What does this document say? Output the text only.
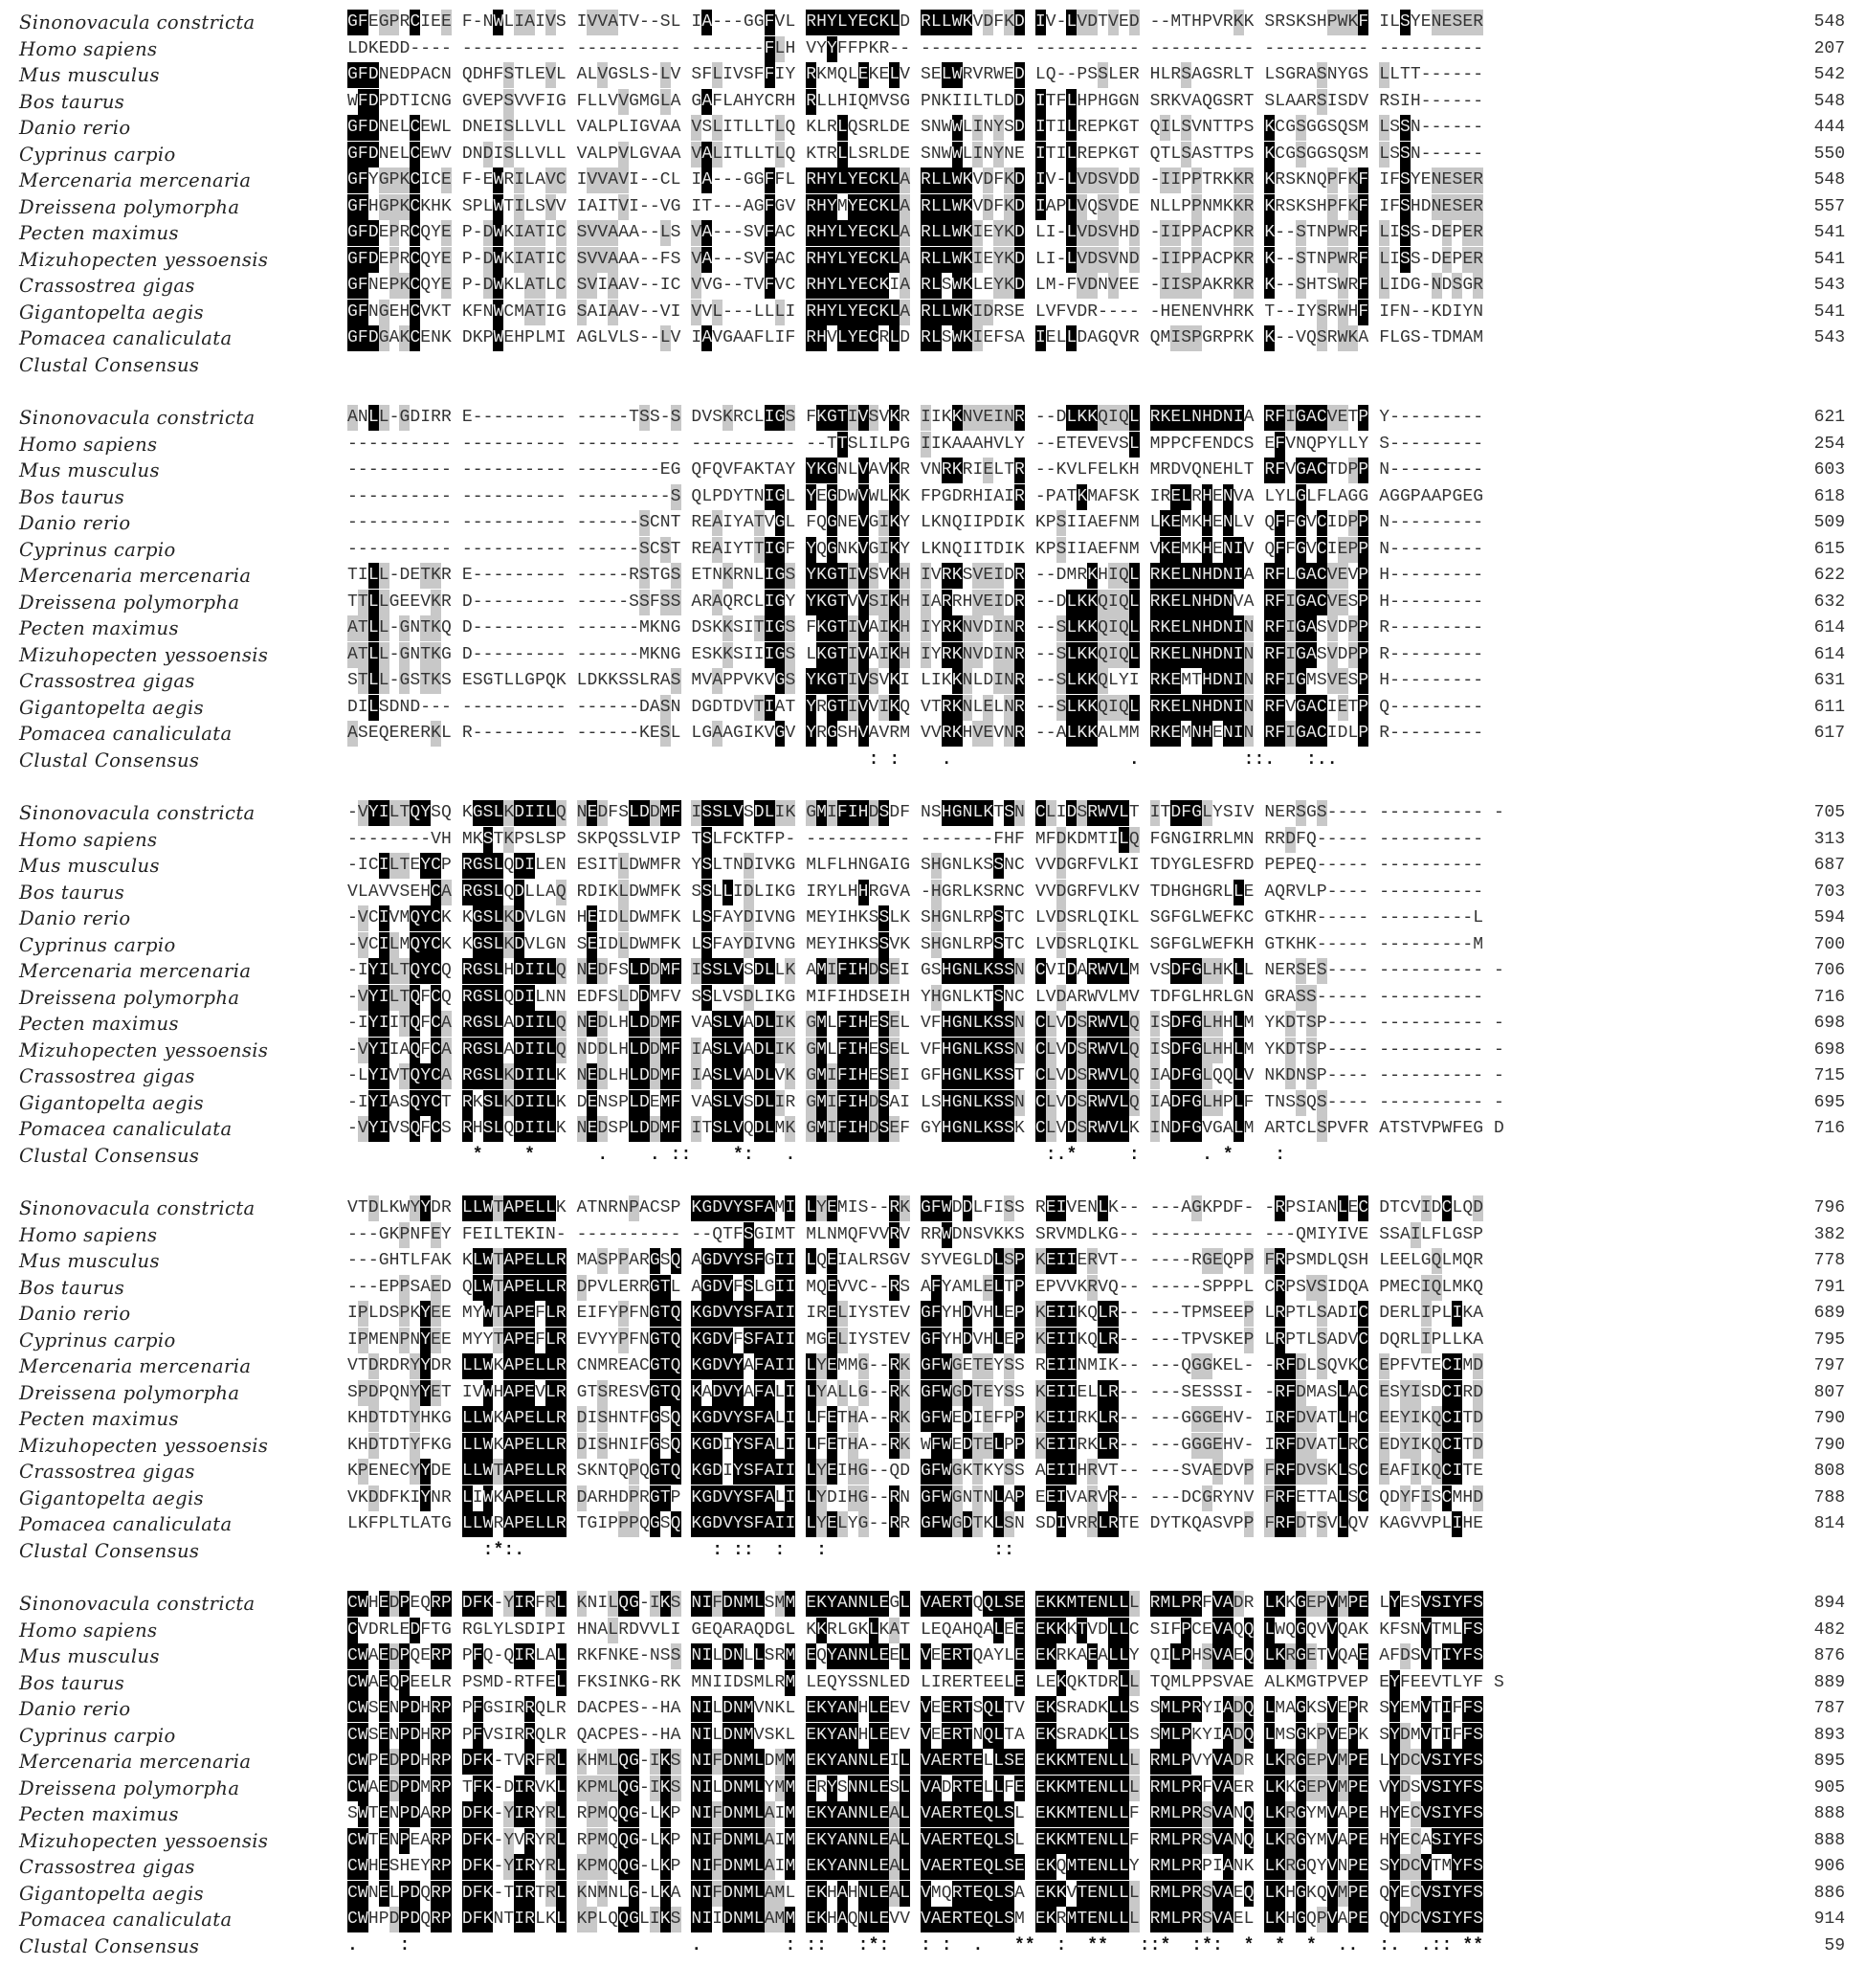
Sinonovacula constricta	GFEGPRCIEE F-NWLIAIVS IVVATV--SL IA---GGFVL RHYLYECKLD RLLWKVDFKD IV-LVDTVED --MTHPVRKK SRSKSHPWKF ILSYENESER	548
Homo sapiens	LDKEDD---- ---------- ---------- -------FLH VYYFFPKR-- ---------- ---------- ---------- ---------- ----------	207
Mus musculus	GFDNEDPACN QDHFSTLEVL ALVGSLS-LV SFLIVSFFIY RKMQLEKELV SELWRVRWED LQ--PSSLER HLRSAGSRLT LSGRASNYGS LLTT------	542
Bos taurus	WFDPDTICNG GVEPSVVFIG FLLVVGMGLA GAFLAHYCRH RLLHIQMVSG PNKIILTLDD ITFLHPHGGN SRKVAQGSRT SLAARSISDV RSIH------	548
Danio rerio	GFDNELCEWL DNEISLLVLL VALPLIGVAA VSLITLLTLQ KLRLQSRLDE SNWWLINYSD ITILREPKGT QILSVNTTPS KCGSGGSQSM LSSN------	444
Cyprinus carpio	GFDNELCEWV DNDISLLVLL VALPVLGVAA VALITLLTLQ KTRLLSRLDE SNWWLINYNE ITILREPKGT QTLSASTTPS KCGSGGSQSM LSSN------	550
Mercenaria mercenaria	GFYGPKCICE F-EWRILAVC IVVAVI--CL IA---GGFFL RHYLYECKLA RLLWKVDFKD IV-LVDSVDD -IIPPTRKKR KRSKNQPFKF IFSYENESER	548
Dreissena polymorpha	GFHGPKCKHK SPLWTILSVV IAITVI--VG IT---AGFGV RHYMYECKLA RLLWKVDFKD IAPLVQSVDE NLLPPNMKKR KRSKSHPFKF IFSHDNESER	557
Pecten maximus	GFDEPRCQYE P-DWKIATIC SVVAAA--LS VA---SVFAC RHYLYECKLA RLLWKIEYKD LI-LVDSVHD -IIPPACPKR K--STNPWRF LISS-DEPER	541
Mizuhopecten yessoensis	GFDEPRCQYE P-DWKIATIC SVVAAA--FS VA---SVFAC RHYLYECKLA RLLWKIEYKD LI-LVDSVND -IIPPACPKR K--STNPWRF LISS-DEPER	541
Crassostrea gigas	GFNEPKCQYE P-DWKLATLC SVIAAV--IC VVG--TVFVC RHYLYECKIA RLSWKLEYKD LM-FVDNVEE -IISPAKRKR K--SHTSWRF LIDG-NDSGR	543
Gigantopelta aegis	GFNGEHCVKT KFNWCMATIG SAIAAV--VI VVL---LLLI RHYLYECKLA RLLWKIDRSE LVFVDR---- -HENENVHRK T--IYSRWHF IFN--KDIYN	541
Pomacea canaliculata	GFDGAKCENK DKPWEHPLMI AGLVLS--LV IAVGAAFLIF RHVLYECRLD RLSWKIEFSA IELLDAGQVR QMISPGRPRK K--VQSRWKA FLGS-TDMAM	543
Clustal Consensus

Sinonovacula constricta	ANLL-GDIRR E--------- -----TSS-S DVSKRCLIGS FKGTIVSVKR IIKKNVEINR --DLKKQIQL RKELNHDNIA RFIGACVETP Y---------	621
Homo sapiens	---------- ---------- ---------- ---------- --TTSLILPG IIKAAAHVLY --ETEVEVSL MPPCFENDCS EFVNQPYLLY S---------	254
Mus musculus	---------- ---------- --------EG QFQVFAKTAY YKGNLVAVKR VNRKRIELTR --KVLFELKH MRDVQNEHLT RFVGACTDPP N---------	603
Bos taurus	---------- ---------- ---------S QLPDYTNIGL YEGDWVWLKK FPGDRHIAIR -PATKMAFSK IRELRHENVA LYLGLFLAGG AGGPAAPGEG	618
Danio rerio	---------- ---------- ------SCNT REAIYATVGL FQGNEVGIKY LKNQIIPDIK KPSIIAEFNM LKEMKHENLV QFFGVCIDPP N---------	509
Cyprinus carpio	---------- ---------- ------SCST REAIYTTIGF YQGNKVGIKY LKNQIITDIK KPSIIAEFNM VKEMKHENIV QFFGVCIEPP N---------	615
Mercenaria mercenaria	TILL-DETKR E--------- -----RSTGS ETNKRNLIGS YKGTIVSVKH IVRKSVEIDR --DMRKHIQL RKELNHDNIA RFLGACVEVP H---------	622
Dreissena polymorpha	TTLLGEEVKR D--------- -----SSFSS ARAQRCLIGY YKGTVVSIKH IARRHVEIDR --DLKKQIQL RKELNHDNVA RFIGACVESP H---------	632
Pecten maximus	ATLL-GNTKQ D--------- ------MKNG DSKKSITIGS FKGTIVAIKH IYRKNVDINR --SLKKQIQL RKELNHDNIN RFIGASVDPP R---------	614
Mizuhopecten yessoensis	ATLL-GNTKG D--------- ------MKNG ESKKSIIIGS LKGTIVAIKH IYRKNVDINR --SLKKQIQL RKELNHDNIN RFIGASVDPP R---------	614
Crassostrea gigas	STLL-GSTKS ESGTLLGPQK LDKKSSLRAS MVAPPVKVGS YKGTIVSVKI LIKKNLDINR --SLKKQLYI RKEMTHDNIN RFIGMSVESP H---------	631
Gigantopelta aegis	DILSDND--- ---------- ------DASN DGDTDVTIAT YRGTIVVIKQ VTRKNLELNR --SLKKQIQL RKELNHDNIN RFVGACIETP Q---------	611
Pomacea canaliculata	ASEQERERKL R--------- ------KESL LGAAGIKVGV YRGSHVAVRM VVRKHVEVNR --ALKKALMM RKEMNHENIN RFIGACIDLP R---------	617
Clustal Consensus	: : .	.	::. :..
Sinonovacula constricta	-VYILTQYSQ KGSLKDIILQ NEDFSLDDMF ISSLVSDLIK GMIFIHDSDF NSHGNLKTSN CLIDSRWVLT ITDFGLYSIV NERSGS---- ---------- -	705
Homo sapiens	--------VH MKSTKPSLSP SKPQSSLVIP TSLFCKTFP- ---------- -------FHF MFDKDMTILQ FGNGIRRLMN RRDFQ----- ----------	313
Mus musculus	-ICILTEYCP RGSLQDILEN ESITLDWMFR YSLTNDIVKG MLFLHNGAIG SHGNLKSSNC VVDGRFVLKI TDYGLESFRD PEPEQ----- ----------	687
Bos taurus	VLAVVSEHCA RGSLQDLLAQ RDIKLDWMFK SSLLIDLIKG IRYLHHRGVA -HGRLKSRNC VVDGRFVLKV TDHGHGRLLE AQRVLP---- ----------	703
Danio rerio	-VCIVMQYCK KGSLKDVLGN HEIDLDWMFK LSFAYDIVNG MEYIHKSSLK SHGNLRPSTC LVDSRLQIKL SGFGLWEFKC GTKHR----- ---------L	594
Cyprinus carpio	-VCILMQYCK KGSLKDVLGN SEIDLDWMFK LSFAYDIVNG MEYIHKSSVK SHGNLRPSTC LVDSRLQIKL SGFGLWEFKH GTKHK----- ---------M	700
Mercenaria mercenaria	-IYILTQYCQ RGSLHDIILQ NEDFSLDDMF ISSLVSDLLK AMIFIHDSEI GSHGNLKSSN CVIDARWVLM VSDFGLHKLL NERSES---- ---------- -	706
Dreissena polymorpha	-VYILTQFCQ RGSLQDILNN EDFSLDDMFV SSLVSDLIKG MIFIHDSEIH YHGNLKTSNC LVDARWVLMV TDFGLHRLGN GRASS----- ----------	716
Pecten maximus	-IYIITQFCA RGSLADIILQ NEDLHLDDMF VASLVADLIK GMLFIHESEL VFHGNLKSSN CLVDSRWVLQ ISDFGLHHLM YKDTSP---- ---------- -	698
Mizuhopecten yessoensis	-VYIIAQFCA RGSLADIILQ NDDLHLDDMF IASLVADLIK GMLFIHESEL VFHGNLKSSN CLVDSRWVLQ ISDFGLHHLM YKDTSP---- ---------- -	698
Crassostrea gigas	-LYIVTQYCA RGSLKDIILK NEDLHLDDMF IASLVADLVK GMIFIHESEI GFHGNLKSST CLVDSRWVLQ IADFGLQQLV NKDNSP---- ---------- -	715
Gigantopelta aegis	-IYIASQYCT RKSLKDIILK DENSPLDEMF VASLVSDLIR GMIFIHDSAI LSHGNLKSSN CLVDSRWVLQ IADFGLHPLF TNSSQS---- ---------- -	695
Pomacea canaliculata	-VYIVSQFCS RHSLQDIILK NEDSPLDDMF ITSLVQDLMK GMIFIHDSEF GYHGNLKSSK CLVDSRWVLK INDFGVGALM ARTCLSPVFR ATSTVPWFEG D	716
Clustal Consensus	* *	. . :: *: .	:.*	:	. * :
Sinonovacula constricta	VTDLKWYYDR LLWTAPELLK ATNRNPACSP KGDVYSFAMI LYEMIS--RK GFWDDLFISS REIVENLK-- ---AGKPDF- -RPSIANLEC DTCVIDCLQD	796
Homo sapiens	---GKPNFEY FEILTEKIN- ---------- --QTFSGIMT MLNMQFVVRV RRWDNSVKKS SRVMDLKG-- ---------- ---QMIYIVE SSAILFLGSP	382
Mus musculus	---GHTLFAK KLWTAPELLR MASPPARGSQ AGDVYSFGII LQEIALRSGV SYVEGLDLSP KEIIERVT-- ----RGEQPP FRPSMDLQSH LEELGQLMQR	778
Bos taurus	---EPPSAED QLWTAPELLR DPVLERRGTL AGDVFSLGII MQEVVC--RS AFYAMLELTP EPVVKRVQ-- -----SPPPL CRPSVSIDQA PMECIQLMKQ	791
Danio rerio	IPLDSPKYEE MYWTAPEFLR EIFYPFNGTQ KGDVYSFAII IRELIYSTEV GFYHDVHLEP KEIIKQLR-- ---TPMSEEP LRPTLSADIC DERLIPLIKA	689
Cyprinus carpio	IPMENPNYEE MYYTAPEFLR EVYYPFNGTQ KGDVFSFAII MGELIYSTEV GFYHDVHLEP KEIIKQLR-- ---TPVSKEP LRPTLSADVC DQRLIPLLKA	795
Mercenaria mercenaria	VTDRDRYYDR LLWKAPELLR CNMREACGTQ KGDVYAFAII LYEMMG--RK GFWGETEYSS REIINMIK-- ---QGGKEL- -RFDLSQVKC EPFVTECIMD	797
Dreissena polymorpha	SPDPQNYYET IVWHAPEVLR GTSRESVGTQ KADVYAFALI LYALLG--RK GFWGDTEYSS KEIIELLR-- ---SESSSI- -RFDMASLAC ESYISDCIRD	807
Pecten maximus	KHDTDTYHKG LLWKAPELLR DISHNTFGSQ KGDVYSFALI LFETHA--RK GFWEDIEFPP KEIIRKLR-- ---GGGEHV- IRFDVATLHC EEYIKQCITD	790
Mizuhopecten yessoensis	KHDTDTYFKG LLWKAPELLR DISHNIFGSQ KGDIYSFALI LFETHA--RK WFWEDTELPP KEIIRKLR-- ---GGGEHV- IRFDVATLRC EDYIKQCITD	790
Crassostrea gigas	KPENECYYDE LLWTAPELLR SKNTQPQGTQ KGDIYSFAII LYEIHG--QD GFWGKTKYSS AEIIHRVT-- ---SVAEDVP FRFDVSKLSC EAFIKQCITE	808
Gigantopelta aegis	VKDDFKIYNR LIWKAPELLR DARHDPRGTP KGDVYSFALI LYDIHG--RN GFWGNTNLAP EEIVARVR-- ---DCGRYNV FRFETTALSC QDYFISCMHD	788
Pomacea canaliculata	LKFPLTLATG LLWRAPELLR TGIPPPQGSQ KGDVYSFAII LYELYG--RR GFWGDTKLSN SDIVRRLRTE DYTKQASVPP FRFDTSVLQV KAGVVPLIHE	814
Clustal Consensus	:*:.	: :: : :	::
Sinonovacula constricta	CWHEDPEQRP DFK-YIRFRL KNILQG-IKS NIFDNMLSMM EKYANNLEGL VAERTQQLSE EKKMTENLLL RMLPRFVADR LKKGEPVMPE LYESVSIYFS	894
Homo sapiens	CVDRLEDFTG RGLYLSDIPI HNALRDVVLI GEQARAQDGL KKRLGKLKAT LEQAHQALEE EKKKTVDLLC SIFPCEVAQQ LWQGQVVQAK KFSNVTMLFS	482
Mus musculus	CWAEDPQERP PFQ-QIRLAL RKFNKE-NSS NILDNLLSRM EQYANNLEEL VEERTQAYLE EKRKAEALLY QILPHSVAEQ LKRGETVQAE AFDSVTIYFS	876
Bos taurus	CWAEQPEELR PSMD-RTFEL FKSINKG-RK MNIIDSMLRM LEQYSSNLED LIRERTEELE LEKQKTDRLL TQMLPPSVAE ALKMGTPVEP EYFEEVTLYF S	889
Danio rerio	CWSENPDHRP PFGSIRRQLR DACPES--HA NILDNMVNKL EKYANHLEEV VEERTSQLTV EKSRADKLLS SMLPRYIADQ LMAGKSVEPR SYEMVTIFFS	787
Cyprinus carpio	CWSENPDHRP PFVSIRRQLR QACPES--HA NILDNMVSKL EKYANHLEEV VEERTNQLTA EKSRADKLLS SMLPKYIADQ LMSGKPVEPK SYDMVTIFFS	893
Mercenaria mercenaria	CWPEDPDHRP DFK-TVRFRL KHMLQG-IKS NIFDNMLDMM EKYANNLEIL VAERTELLSE EKKMTENLLL RMLPVYVADR LKRGEPVMPE LYDCVSIYFS	895
Dreissena polymorpha	CWAEDPDMRP TFK-DIRVKL KPMLQG-IKS NILDNMLYMM ERYSNNLESL VADRTELLFE EKKMTENLLL RMLPRFVAER LKKGEPVMPE VYDSVSIYFS	905
Pecten maximus	SWTENPDARP DFK-YIRYRL RPMQQG-LKP NIFDNMLAIM EKYANNLEAL VAERTEQLSL EKKMTENLLF RMLPRSVANQ LKRGYMVAPE HYECVSIYFS	888
Mizuhopecten yessoensis	CWTENPEARP DFK-YVRYRL RPMQQG-LKP NIFDNMLAIM EKYANNLEAL VAERTEQLSL EKKMTENLLF RMLPRSVANQ LKRGYMVAPE HYECASIYFS	888
Crassostrea gigas	CWHESHEYRP DFK-YIRYRL KPMQQG-LKP NIFDNMLAIM EKYANNLEAL VAERTEQLSE EKQMTENLLY RMLPRPIANK LKRGQYVNPE SYDCVTMYFS	906
Gigantopelta aegis	CWNELPDQRP DFK-TIRTRL KNMNLG-LKA NIFDNMLAML EKHAHNLEAL VMQRTEQLSA EKKVTENLLL RMLPRSVAEQ LKHGKQVMPE QYECVSIYFS	886
Pomacea canaliculata	CWHPDPDQRP DFKNTIRLKL KPLQQGLIKS NIIDNMLAMM EKHAQNLEVV VAERTEQLSM EKRMTENLLL RMLPRSVAEL LKHGQPVAPE QYDCVSIYFS	914
Clustal Consensus	. :	.	: :: :*: : : . ** : ** ::* :*: * * * .. :. .:: **	59
